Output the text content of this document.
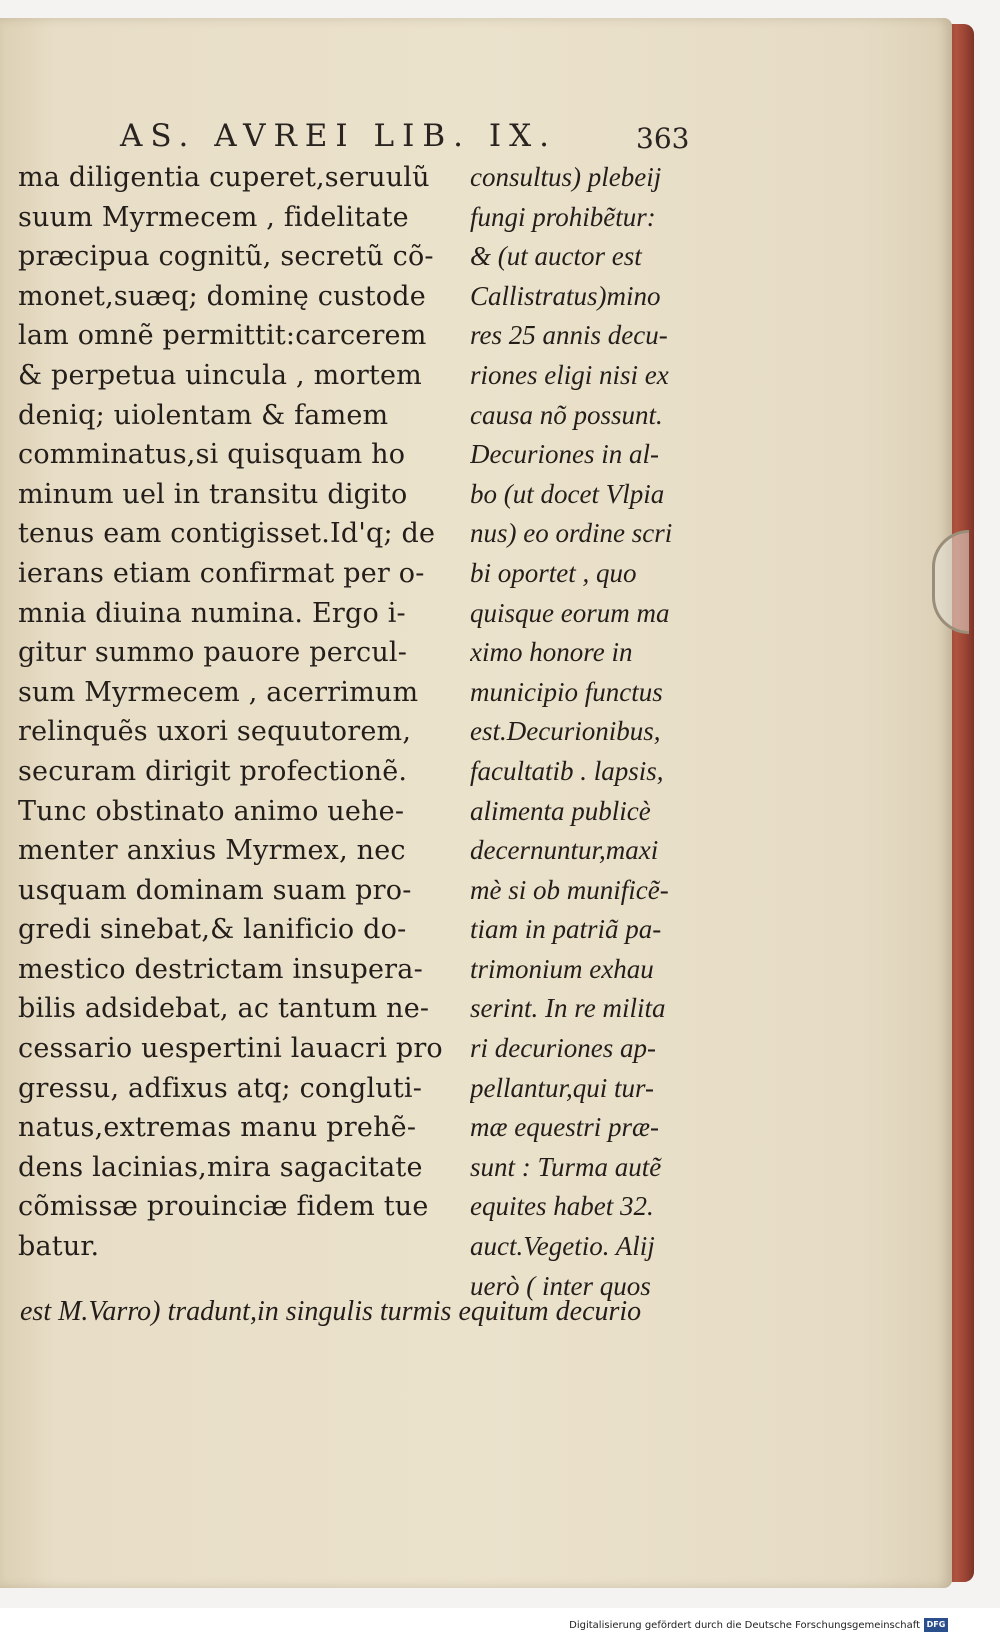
AS. AVREI LIB. IX.	363
ma diligentia cuperet,seruulũ
suum Myrmecem , fidelitate
præcipua cognitũ, secretũ cõ-
monet,suæq; dominę custode
lam omnẽ permittit:carcerem
& perpetua uincula , mortem
deniq; uiolentam & famem
comminatus,si quisquam ho
minum uel in transitu digito
tenus eam contigisset.Id'q; de
ierans etiam confirmat per o-
mnia diuina numina. Ergo i-
gitur summo pauore percul-
sum Myrmecem , acerrimum
relinquẽs uxori sequutorem,
securam dirigit profectionẽ.
Tunc obstinato animo uehe-
menter anxius Myrmex, nec
usquam dominam suam pro-
gredi sinebat,& lanificio do-
mestico destrictam insupera-
bilis adsidebat, ac tantum ne-
cessario uespertini lauacri pro
gressu, adfixus atq; congluti-
natus,extremas manu prehẽ-
dens lacinias,mira sagacitate
cõmissæ prouinciæ fidem tue
batur.
consultus) plebeij
fungi prohibẽtur:
& (ut auctor est
Callistratus)mino
res 25 annis decu-
riones eligi nisi ex
causa nõ possunt.
Decuriones in al-
bo (ut docet Vlpia
nus) eo ordine scri
bi oportet , quo
quisque eorum ma
ximo honore in
municipio functus
est.Decurionibus,
facultatib . lapsis,
alimenta publicè
decernuntur,maxi
mè si ob munificẽ-
tiam in patriã pa-
trimonium exhau
serint. In re milita
ri decuriones ap-
pellantur,qui tur-
mæ equestri præ-
sunt : Turma autẽ
equites habet 32.
auct.Vegetio. Alij
uerò ( inter quos
est M.Varro) tradunt,in singulis turmis equitum decurio
Digitalisierung gefördert durch die Deutsche Forschungsgemeinschaft DFG
